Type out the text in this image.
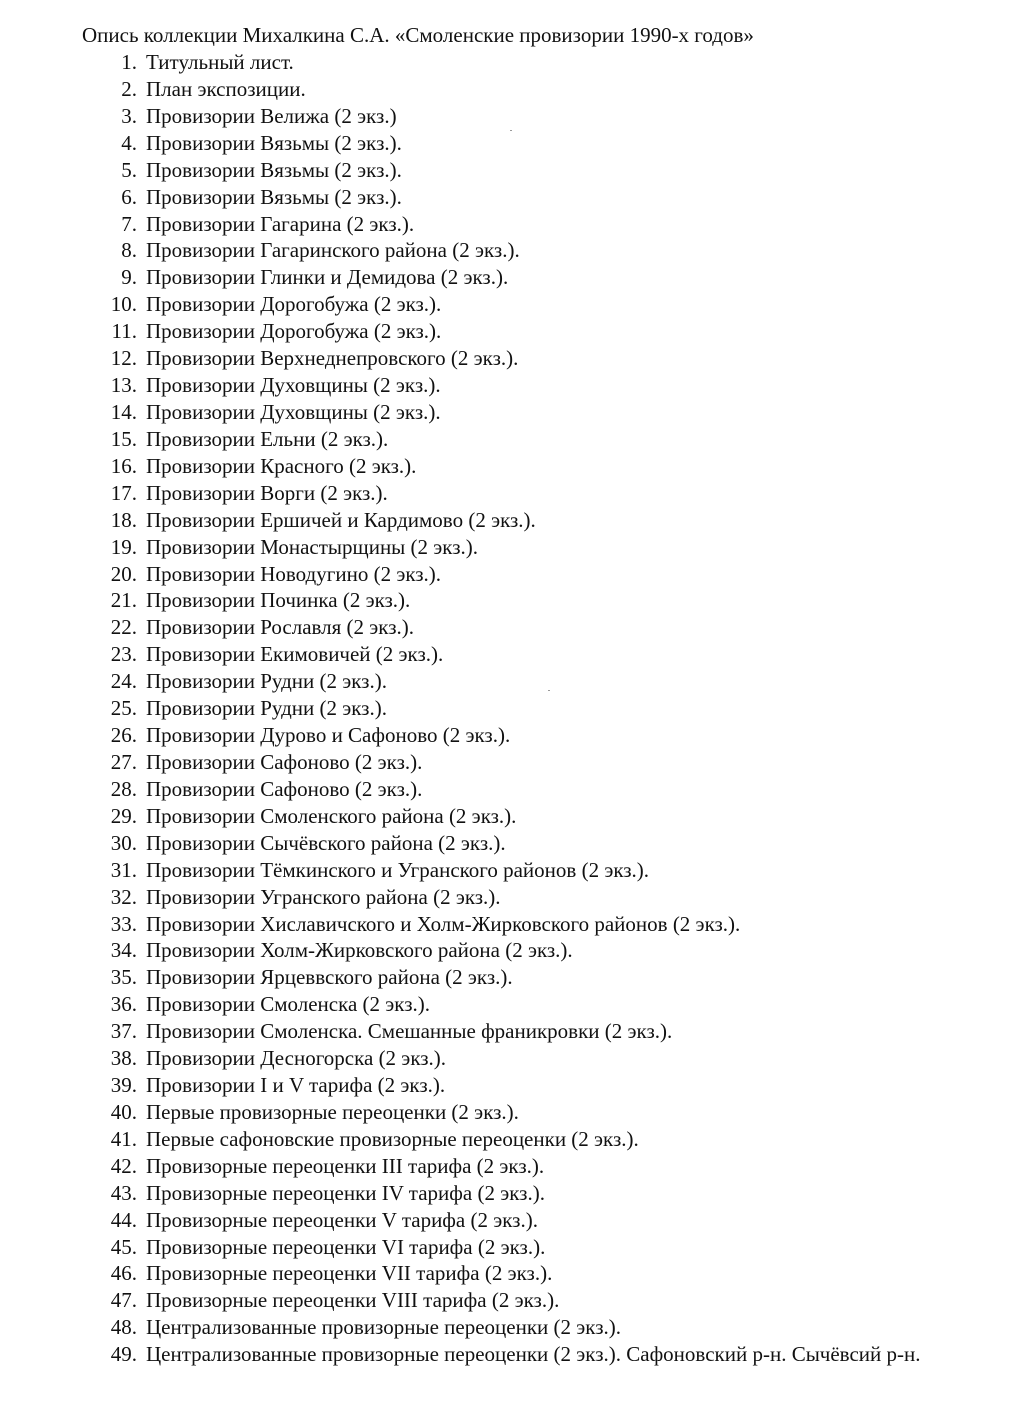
Опись коллекции Михалкина С.А. «Смоленские провизории 1990-х годов»
1. Титульный лист.
2. План экспозиции.
3. Провизории Велижа (2 экз.)
4. Провизории Вязьмы (2 экз.).
5. Провизории Вязьмы (2 экз.).
6. Провизории Вязьмы (2 экз.).
7. Провизории Гагарина (2 экз.).
8. Провизории Гагаринского района (2 экз.).
9. Провизории Глинки и Демидова (2 экз.).
10. Провизории Дорогобужа (2 экз.).
11. Провизории Дорогобужа (2 экз.).
12. Провизории Верхнеднепровского (2 экз.).
13. Провизории Духовщины (2 экз.).
14. Провизории Духовщины (2 экз.).
15. Провизории Ельни (2 экз.).
16. Провизории Красного (2 экз.).
17. Провизории Ворги (2 экз.).
18. Провизории Ершичей и Кардимово (2 экз.).
19. Провизории Монастырщины (2 экз.).
20. Провизории Новодугино (2 экз.).
21. Провизории Починка (2 экз.).
22. Провизории Рославля (2 экз.).
23. Провизории Екимовичей (2 экз.).
24. Провизории Рудни (2 экз.).
25. Провизории Рудни (2 экз.).
26. Провизории Дурово и Сафоново (2 экз.).
27. Провизории Сафоново (2 экз.).
28. Провизории Сафоново (2 экз.).
29. Провизории Смоленского района (2 экз.).
30. Провизории Сычёвского района (2 экз.).
31. Провизории Тёмкинского и Угранского районов (2 экз.).
32. Провизории Угранского района (2 экз.).
33. Провизории Хиславичского и Холм-Жирковского районов (2 экз.).
34. Провизории Холм-Жирковского района (2 экз.).
35. Провизории Ярцеввского района (2 экз.).
36. Провизории Смоленска (2 экз.).
37. Провизории Смоленска. Смешанные франикровки (2 экз.).
38. Провизории Десногорска (2 экз.).
39. Провизории I и V тарифа (2 экз.).
40. Первые провизорные переоценки (2 экз.).
41. Первые сафоновские провизорные переоценки (2 экз.).
42. Провизорные переоценки III тарифа (2 экз.).
43. Провизорные переоценки IV тарифа (2 экз.).
44. Провизорные переоценки V тарифа (2 экз.).
45. Провизорные переоценки VI тарифа (2 экз.).
46. Провизорные переоценки VII тарифа (2 экз.).
47. Провизорные переоценки VIII тарифа (2 экз.).
48. Централизованные провизорные переоценки (2 экз.).
49. Централизованные провизорные переоценки (2 экз.). Сафоновский р-н. Сычёвсий р-н.
